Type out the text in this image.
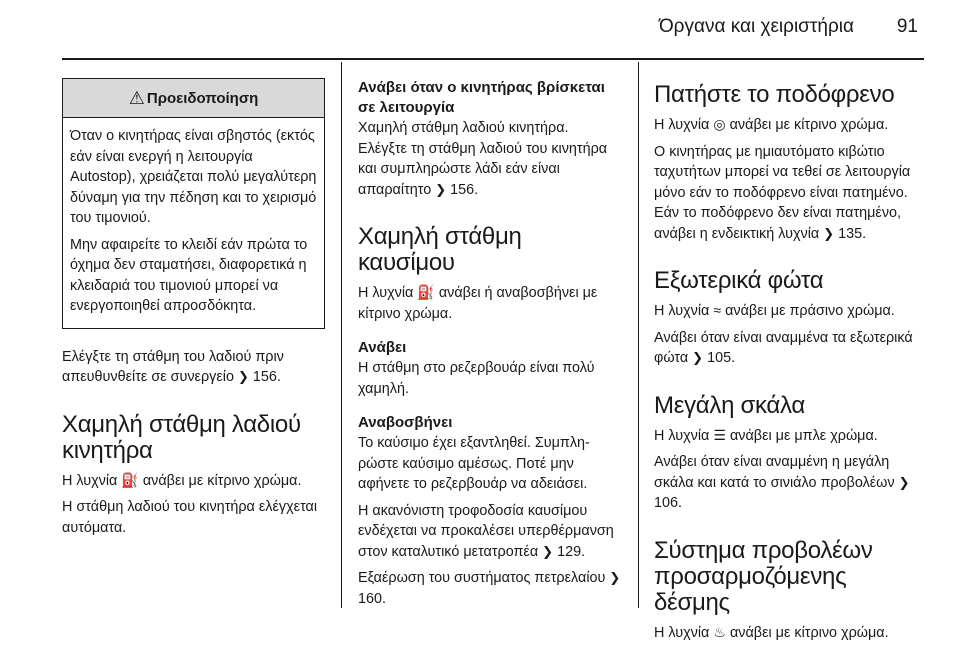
Όργανα και χειριστήρια 91
⚠ Προειδοποίηση

Όταν ο κινητήρας είναι σβηστός (εκτός εάν είναι ενεργή η λειτουργία Autostop), χρειάζεται πολύ μεγαλύτερη δύναμη για την πέδηση και το χειρισμό του τιμονιού.

Μην αφαιρείτε το κλειδί εάν πρώτα το όχημα δεν σταματήσει, διαφορετικά η κλειδαριά του τιμονιού μπορεί να ενεργοποιηθεί απροσδόκητα.

Ελέγξτε τη στάθμη του λαδιού πριν απευθυνθείτε σε συνεργείο ❯ 156.

Χαμηλή στάθμη λαδιού κινητήρα

Η λυχνία ⛽ ανάβει με κίτρινο χρώμα.

Η στάθμη λαδιού του κινητήρα ελέγχεται αυτόματα.

Ανάβει όταν ο κινητήρας βρίσκεται σε λειτουργία

Χαμηλή στάθμη λαδιού κινητήρα. Ελέγξτε τη στάθμη λαδιού του κινητήρα και συμπληρώστε λάδι εάν είναι απαραίτητο ❯ 156.

Χαμηλή στάθμη καυσίμου

Η λυχνία ⛽ ανάβει ή αναβοσβήνει με κίτρινο χρώμα.

Ανάβει

Η στάθμη στο ρεζερβουάρ είναι πολύ χαμηλή.

Αναβοσβήνει

Το καύσιμο έχει εξαντληθεί. Συμπληρώστε καύσιμο αμέσως. Ποτέ μην αφήνετε το ρεζερβουάρ να αδειάσει.

Η ακανόνιστη τροφοδοσία καυσίμου ενδέχεται να προκαλέσει υπερθέρμανση στον καταλυτικό μετατροπέα ❯ 129.

Εξαέρωση του συστήματος πετρελαίου ❯ 160.

Πατήστε το ποδόφρενο

Η λυχνία ◎ ανάβει με κίτρινο χρώμα.

Ο κινητήρας με ημιαυτόματο κιβώτιο ταχυτήτων μπορεί να τεθεί σε λειτουργία μόνο εάν το ποδόφρενο είναι πατημένο. Εάν το ποδόφρενο δεν είναι πατημένο, ανάβει η ενδεικτική λυχνία ❯ 135.

Εξωτερικά φώτα

Η λυχνία ≈ ανάβει με πράσινο χρώμα.

Ανάβει όταν είναι αναμμένα τα εξωτερικά φώτα ❯ 105.

Μεγάλη σκάλα

Η λυχνία ☰ ανάβει με μπλε χρώμα.

Ανάβει όταν είναι αναμμένη η μεγάλη σκάλα και κατά το σινιάλο προβολέων ❯ 106.

Σύστημα προβολέων προσαρμοζόμενης δέσμης

Η λυχνία ♨ ανάβει με κίτρινο χρώμα.
